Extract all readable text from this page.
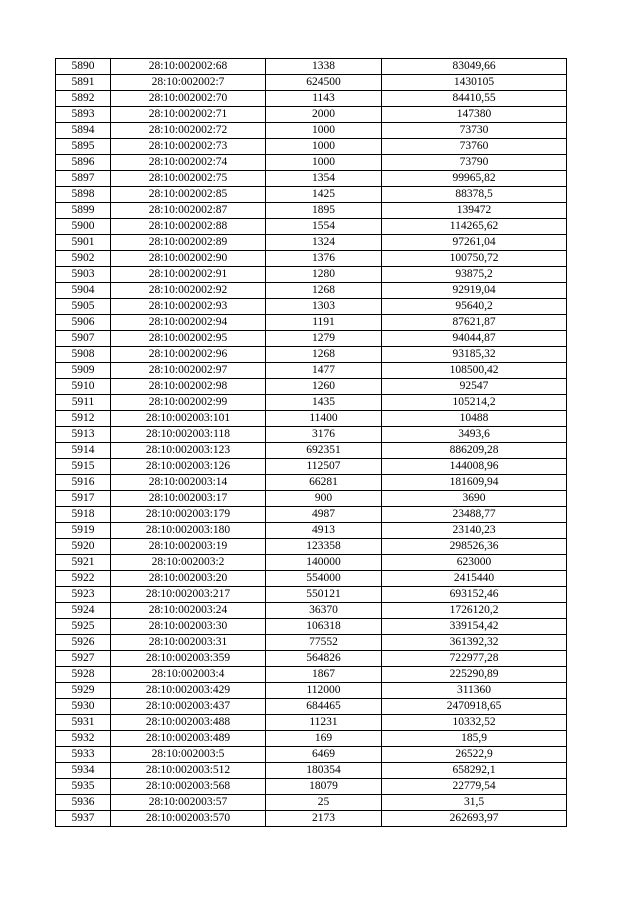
5890	28:10:002002:68	1338	83049,66
5891	28:10:002002:7	624500	1430105
5892	28:10:002002:70	1143	84410,55
5893	28:10:002002:71	2000	147380
5894	28:10:002002:72	1000	73730
5895	28:10:002002:73	1000	73760
5896	28:10:002002:74	1000	73790
5897	28:10:002002:75	1354	99965,82
5898	28:10:002002:85	1425	88378,5
5899	28:10:002002:87	1895	139472
5900	28:10:002002:88	1554	114265,62
5901	28:10:002002:89	1324	97261,04
5902	28:10:002002:90	1376	100750,72
5903	28:10:002002:91	1280	93875,2
5904	28:10:002002:92	1268	92919,04
5905	28:10:002002:93	1303	95640,2
5906	28:10:002002:94	1191	87621,87
5907	28:10:002002:95	1279	94044,87
5908	28:10:002002:96	1268	93185,32
5909	28:10:002002:97	1477	108500,42
5910	28:10:002002:98	1260	92547
5911	28:10:002002:99	1435	105214,2
5912	28:10:002003:101	11400	10488
5913	28:10:002003:118	3176	3493,6
5914	28:10:002003:123	692351	886209,28
5915	28:10:002003:126	112507	144008,96
5916	28:10:002003:14	66281	181609,94
5917	28:10:002003:17	900	3690
5918	28:10:002003:179	4987	23488,77
5919	28:10:002003:180	4913	23140,23
5920	28:10:002003:19	123358	298526,36
5921	28:10:002003:2	140000	623000
5922	28:10:002003:20	554000	2415440
5923	28:10:002003:217	550121	693152,46
5924	28:10:002003:24	36370	1726120,2
5925	28:10:002003:30	106318	339154,42
5926	28:10:002003:31	77552	361392,32
5927	28:10:002003:359	564826	722977,28
5928	28:10:002003:4	1867	225290,89
5929	28:10:002003:429	112000	311360
5930	28:10:002003:437	684465	2470918,65
5931	28:10:002003:488	11231	10332,52
5932	28:10:002003:489	169	185,9
5933	28:10:002003:5	6469	26522,9
5934	28:10:002003:512	180354	658292,1
5935	28:10:002003:568	18079	22779,54
5936	28:10:002003:57	25	31,5
5937	28:10:002003:570	2173	262693,97
